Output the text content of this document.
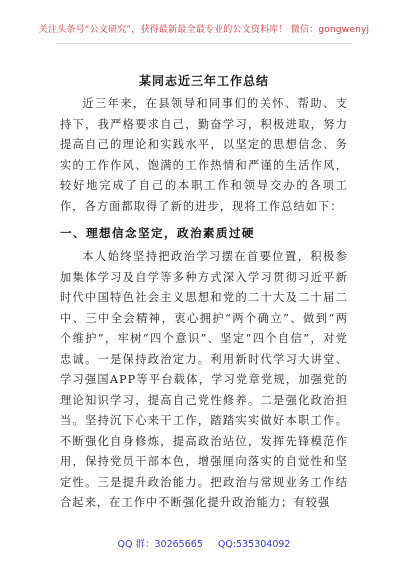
关注头条号“公文研究”，获得最新最全最专业的公文资料库！ 微信：gongwenyj
某同志近三年工作总结

近三年来，在县领导和同事们的关怀、帮助、支持下，我严格要求自己，勤奋学习，积极进取，努力提高自己的理论和实践水平，以坚定的思想信念、务实的工作作风、饱满的工作热情和严谨的生活作风，较好地完成了自己的本职工作和领导交办的各项工作，各方面都取得了新的进步，现将工作总结如下：

一、理想信念坚定，政治素质过硬

本人始终坚持把政治学习摆在首要位置，积极参加集体学习及自学等多种方式深入学习贯彻习近平新时代中国特色社会主义思想和党的二十大及二十届二中、三中全会精神，衷心拥护“两个确立”、做到“两个维护”，牢树“四个意识”、坚定“四个自信”，对党忠诚。一是保持政治定力。利用新时代学习大讲堂、学习强国APP等平台载体，学习党章党规，加强党的理论知识学习，提高自己党性修养。二是强化政治担当。坚持沉下心来干工作，踏踏实实做好本职工作。不断强化自身修炼，提高政治站位，发挥先锋模范作用，保持党员干部本色，增强厘向落实的自觉性和坚定性。三是提升政治能力。把政治与常规业务工作结合起来，在工作中不断强化提升政治能力；有较强

QQ 群：30265665 QQ:535304092
